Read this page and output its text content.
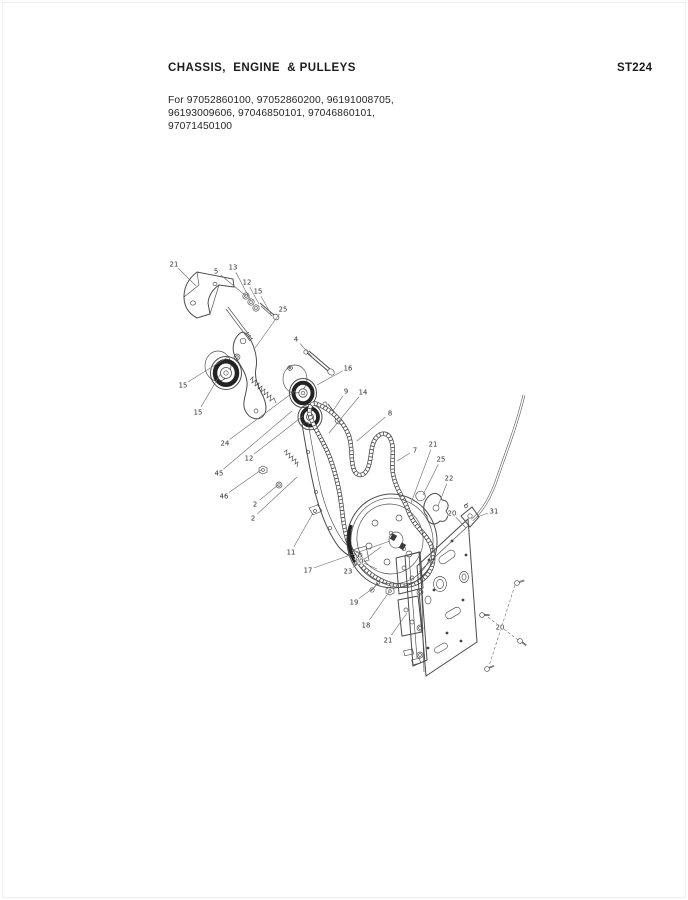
CHASSIS,  ENGINE  & PULLEYS	ST224
For 97052860100, 97052860200, 96191008705,
96193009606, 97046850101, 97046860101,
97071450100
21
5 13
12
15
25
4
15
15
24
12
45
46
2
2
16
9 14
8
7
21
25
22
31
20
11
17	23
10
19
18
21
20
